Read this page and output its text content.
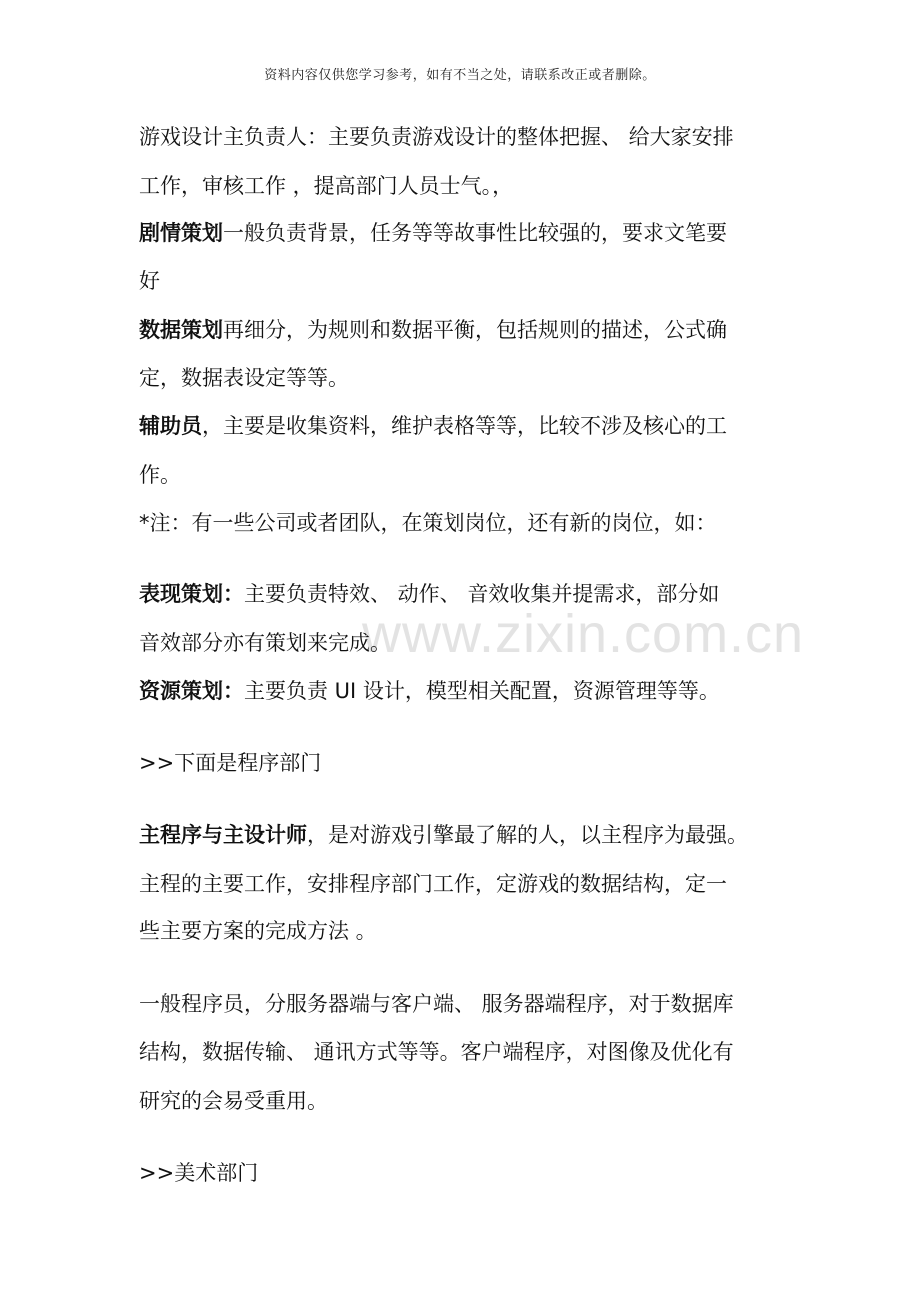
资料内容仅供您学习参考，如有不当之处，请联系改正或者删除。
www.zixin.com.cn
游戏设计主负责人：主要负责游戏设计的整体把握、 给大家安排
工作，审核工作 ，提高部门人员士气。，
剧情策划一般负责背景，任务等等故事性比较强的，要求文笔要
好
数据策划再细分，为规则和数据平衡，包括规则的描述，公式确
定，数据表设定等等。
辅助员，主要是收集资料，维护表格等等，比较不涉及核心的工
作。
*注：有一些公司或者团队，在策划岗位，还有新的岗位，如：
表现策划：主要负责特效、 动作、 音效收集并提需求，部分如
音效部分亦有策划来完成。
资源策划：主要负责 UI 设计，模型相关配置，资源管理等等。
>>下面是程序部门
主程序与主设计师，是对游戏引擎最了解的人，以主程序为最强。
主程的主要工作，安排程序部门工作，定游戏的数据结构，定一
些主要方案的完成方法 。
一般程序员，分服务器端与客户端、 服务器端程序，对于数据库
结构，数据传输、 通讯方式等等。客户端程序，对图像及优化有
研究的会易受重用。
>>美术部门
